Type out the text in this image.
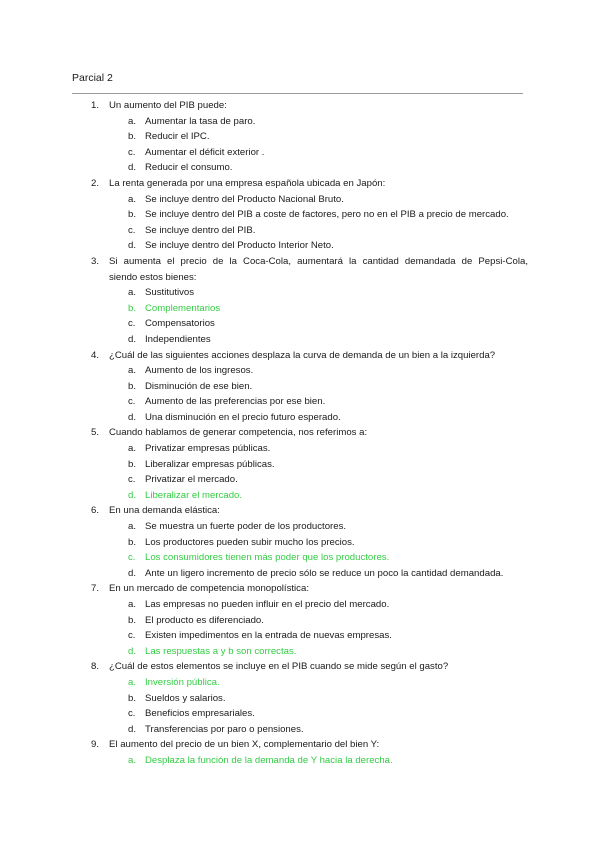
Parcial 2
1. Un aumento del PIB puede:
a. Aumentar la tasa de paro.
b. Reducir el IPC.
c. Aumentar el déficit exterior .
d. Reducir el consumo.
2. La renta generada por una empresa española ubicada en Japón:
a. Se incluye dentro del Producto Nacional Bruto.
b. Se incluye dentro del PIB a coste de factores, pero no en el PIB a precio de mercado.
c. Se incluye dentro del PIB.
d. Se incluye dentro del Producto Interior Neto.
3. Si aumenta el precio de la Coca-Cola, aumentará la cantidad demandada de Pepsi-Cola,
siendo estos bienes:
a. Sustitutivos
b. Complementarios
c. Compensatorios
d. Independientes
4. ¿Cuál de las siguientes acciones desplaza la curva de demanda de un bien a la izquierda?
a. Aumento de los ingresos.
b. Disminución de ese bien.
c. Aumento de las preferencias por ese bien.
d. Una disminución en el precio futuro esperado.
5. Cuando hablamos de generar competencia, nos referimos a:
a. Privatizar empresas públicas.
b. Liberalizar empresas públicas.
c. Privatizar el mercado.
d. Liberalizar el mercado.
6. En una demanda elástica:
a. Se muestra un fuerte poder de los productores.
b. Los productores pueden subir mucho los precios.
c. Los consumidores tienen más poder que los productores.
d. Ante un ligero incremento de precio sólo se reduce un poco la cantidad demandada.
7. En un mercado de competencia monopolística:
a. Las empresas no pueden influir en el precio del mercado.
b. El producto es diferenciado.
c. Existen impedimentos en la entrada de nuevas empresas.
d. Las respuestas a y b son correctas.
8. ¿Cuál de estos elementos se incluye en el PIB cuando se mide según el gasto?
a. Inversión pública.
b. Sueldos y salarios.
c. Beneficios empresariales.
d. Transferencias por paro o pensiones.
9. El aumento del precio de un bien X, complementario del bien Y:
a. Desplaza la función de la demanda de Y hacia la derecha.
